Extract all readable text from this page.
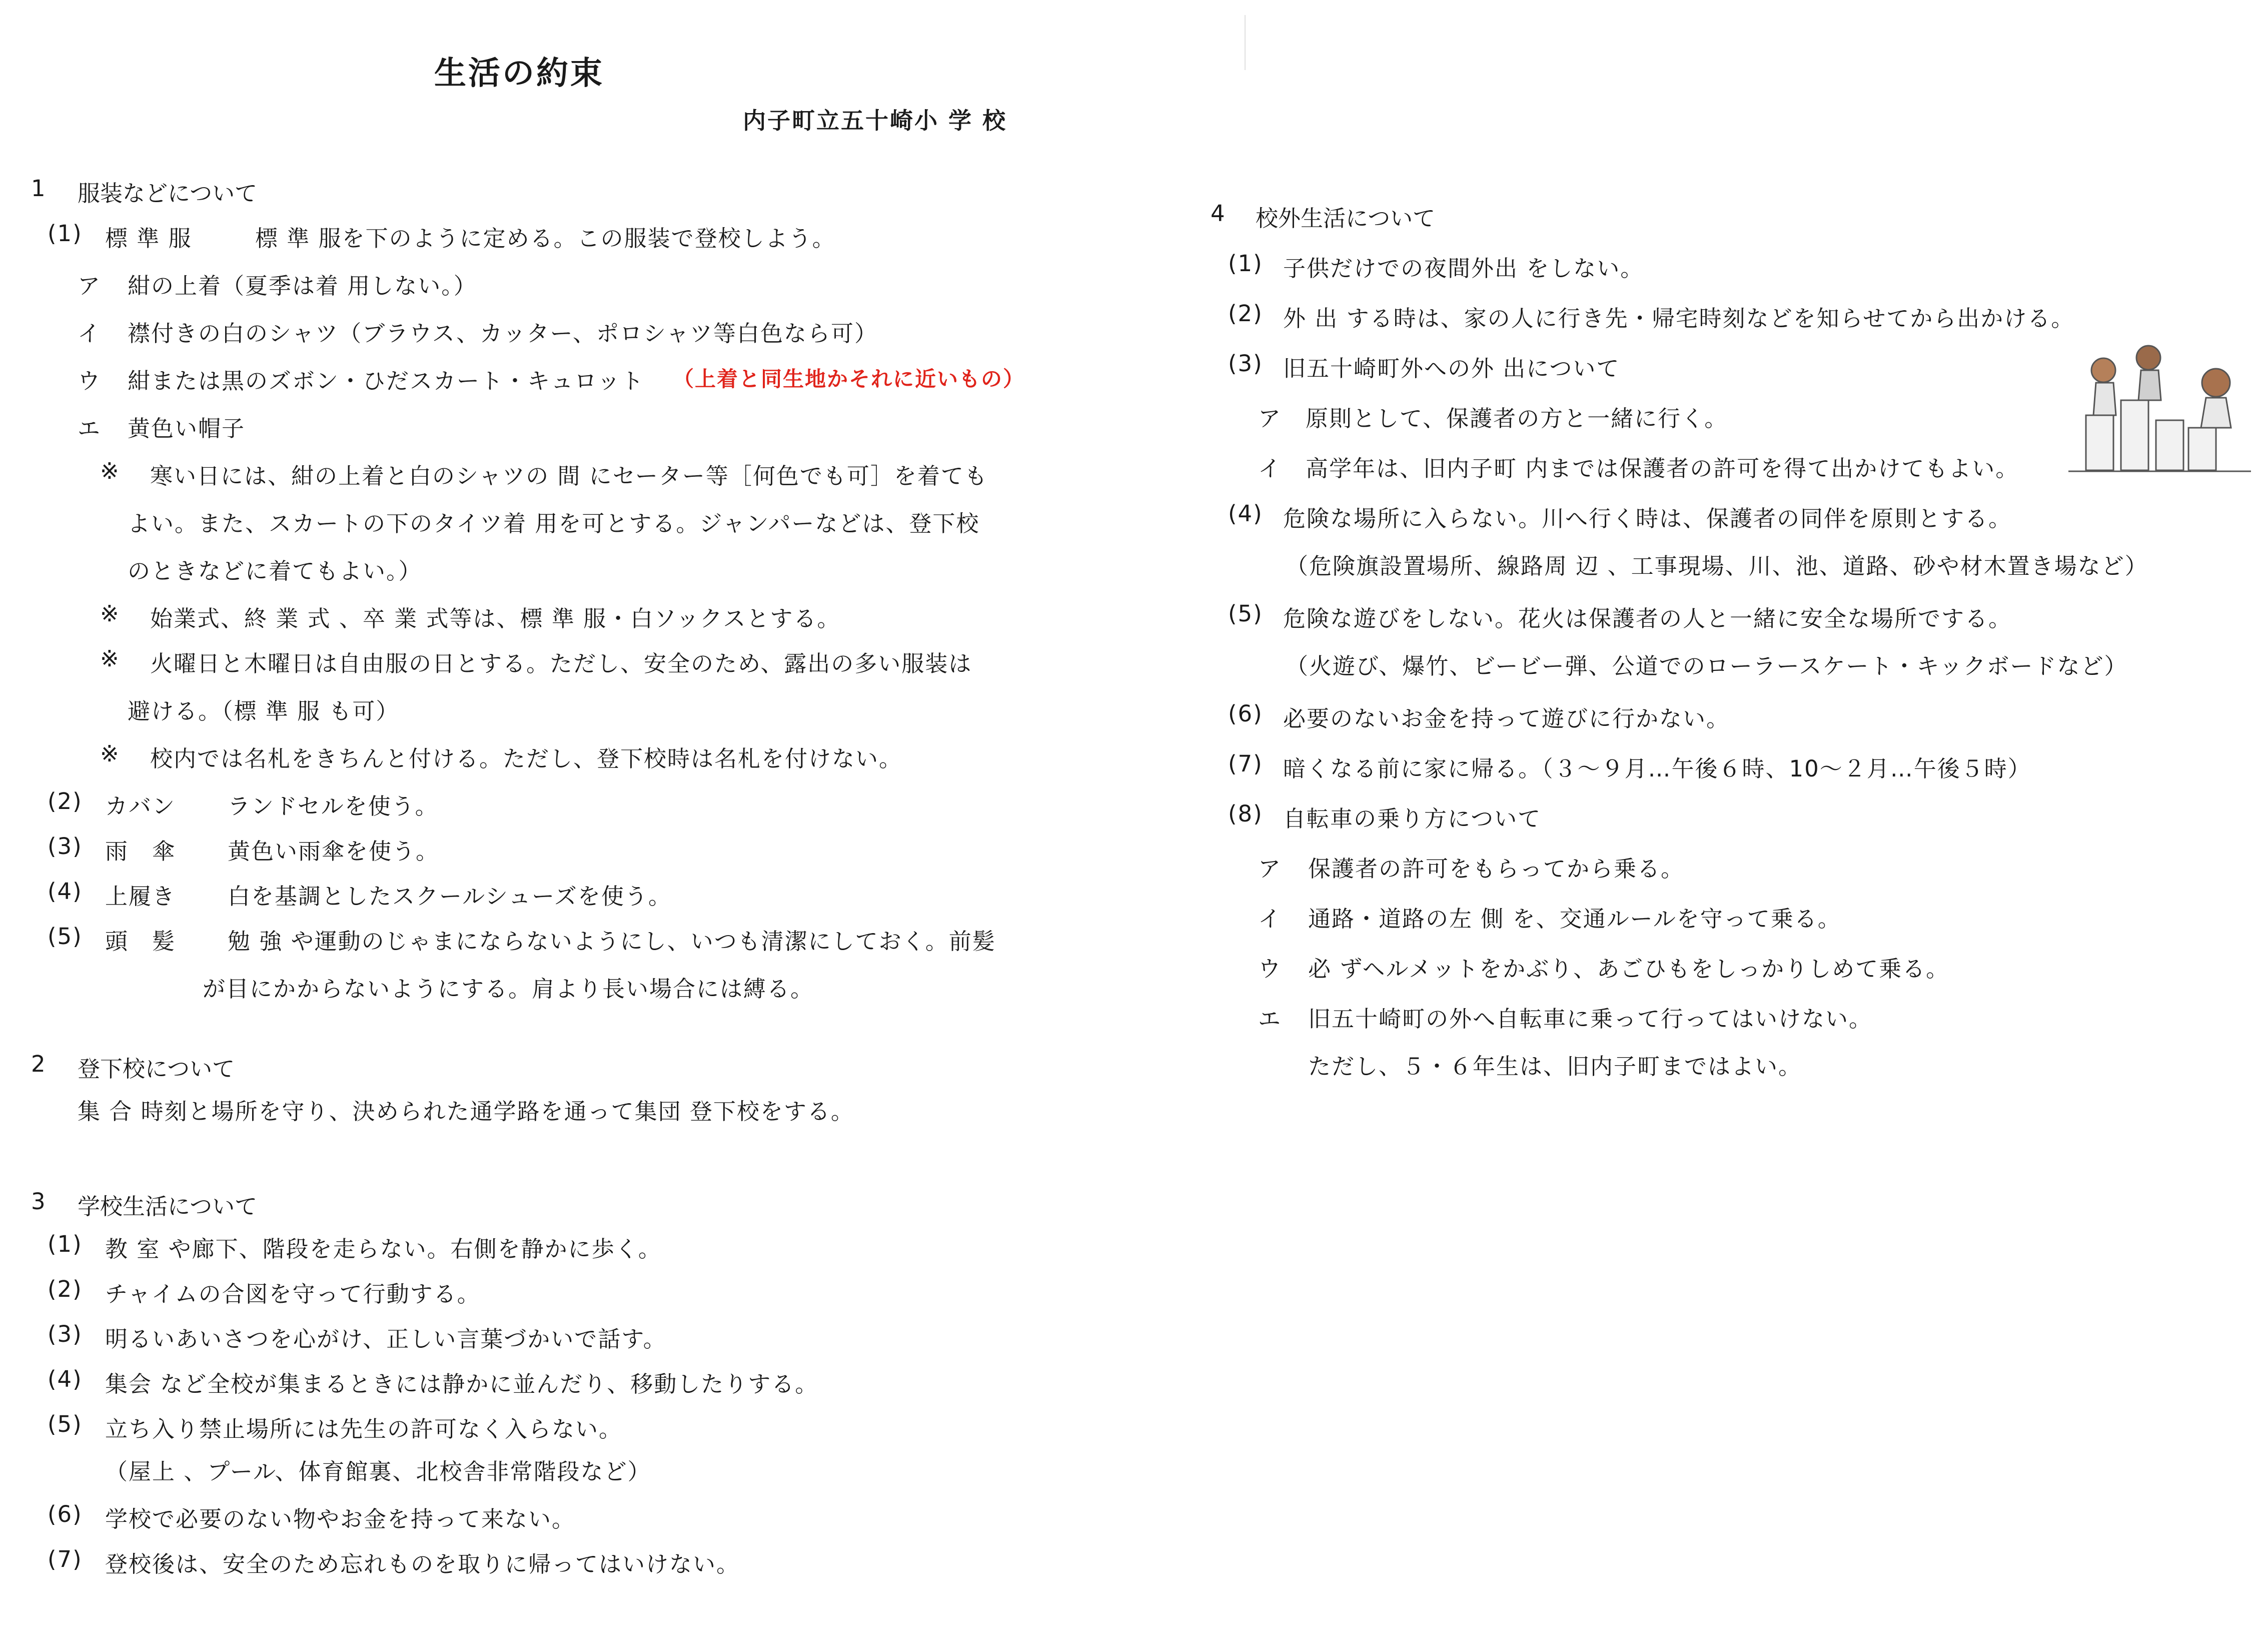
生活の約束
内子町立五十崎小 学 校
1 服装などについて
(1) 標 準 服	標 準 服を下のように定める。この服装で登校しよう。
ア 紺の上着（夏季は着 用しない。）
イ 襟付きの白のシャツ（ブラウス、カッター、ポロシャツ等白色なら可）
ウ 紺または黒のズボン・ひだスカート・キュロット （上着と同生地かそれに近いもの）
エ 黄色い帽子
※ 寒い日には、紺の上着と白のシャツの 間 にセーター等［何色でも可］を着ても
よい。また、スカートの下のタイツ着 用を可とする。ジャンパーなどは、登下校
のときなどに着てもよい。）
※ 始業式、終 業 式 、卒 業 式等は、標 準 服・白ソックスとする。
※ 火曜日と木曜日は自由服の日とする。ただし、安全のため、露出の多い服装は
避ける。（標 準 服 も可）
※ 校内では名札をきちんと付ける。ただし、登下校時は名札を付けない。
(2) カバン ランドセルを使う。
(3) 雨　傘 黄色い雨傘を使う。
(4) 上履き 白を基調としたスクールシューズを使う。
(5) 頭　髪 勉 強 や運動のじゃまにならないようにし、いつも清潔にしておく。前髪
が目にかからないようにする。肩より長い場合には縛る。
2 登下校について
集 合 時刻と場所を守り、決められた通学路を通って集団 登下校をする。
3 学校生活について
(1) 教 室 や廊下、階段を走らない。右側を静かに歩く。
(2) チャイムの合図を守って行動する。
(3) 明るいあいさつを心がけ、正しい言葉づかいで話す。
(4) 集会 など全校が集まるときには静かに並んだり、移動したりする。
(5) 立ち入り禁止場所には先生の許可なく入らない。
（屋上 、プール、体育館裏、北校舎非常階段など）
(6) 学校で必要のない物やお金を持って来ない。
(7) 登校後は、安全のため忘れものを取りに帰ってはいけない。
4 校外生活について
(1) 子供だけでの夜間外出 をしない。
(2) 外 出 する時は、家の人に行き先・帰宅時刻などを知らせてから出かける。
(3) 旧五十崎町外への外 出について
ア 原則として、保護者の方と一緒に行く。
イ 高学年は、旧内子町 内までは保護者の許可を得て出かけてもよい。
(4) 危険な場所に入らない。川へ行く時は、保護者の同伴を原則とする。
（危険旗設置場所、線路周 辺 、工事現場、川、池、道路、砂や材木置き場など）
(5) 危険な遊びをしない。花火は保護者の人と一緒に安全な場所でする。
（火遊び、爆竹、ビービー弾、公道でのローラースケート・キックボードなど）
(6) 必要のないお金を持って遊びに行かない。
(7) 暗くなる前に家に帰る。（３～９月…午後６時、10～２月…午後５時）
(8) 自転車の乗り方について
ア 保護者の許可をもらってから乗る。
イ 通路・道路の左 側 を、交通ルールを守って乗る。
ウ 必 ずヘルメットをかぶり、あごひもをしっかりしめて乗る。
エ 旧五十崎町の外へ自転車に乗って行ってはいけない。
ただし、５・６年生は、旧内子町まではよい。
